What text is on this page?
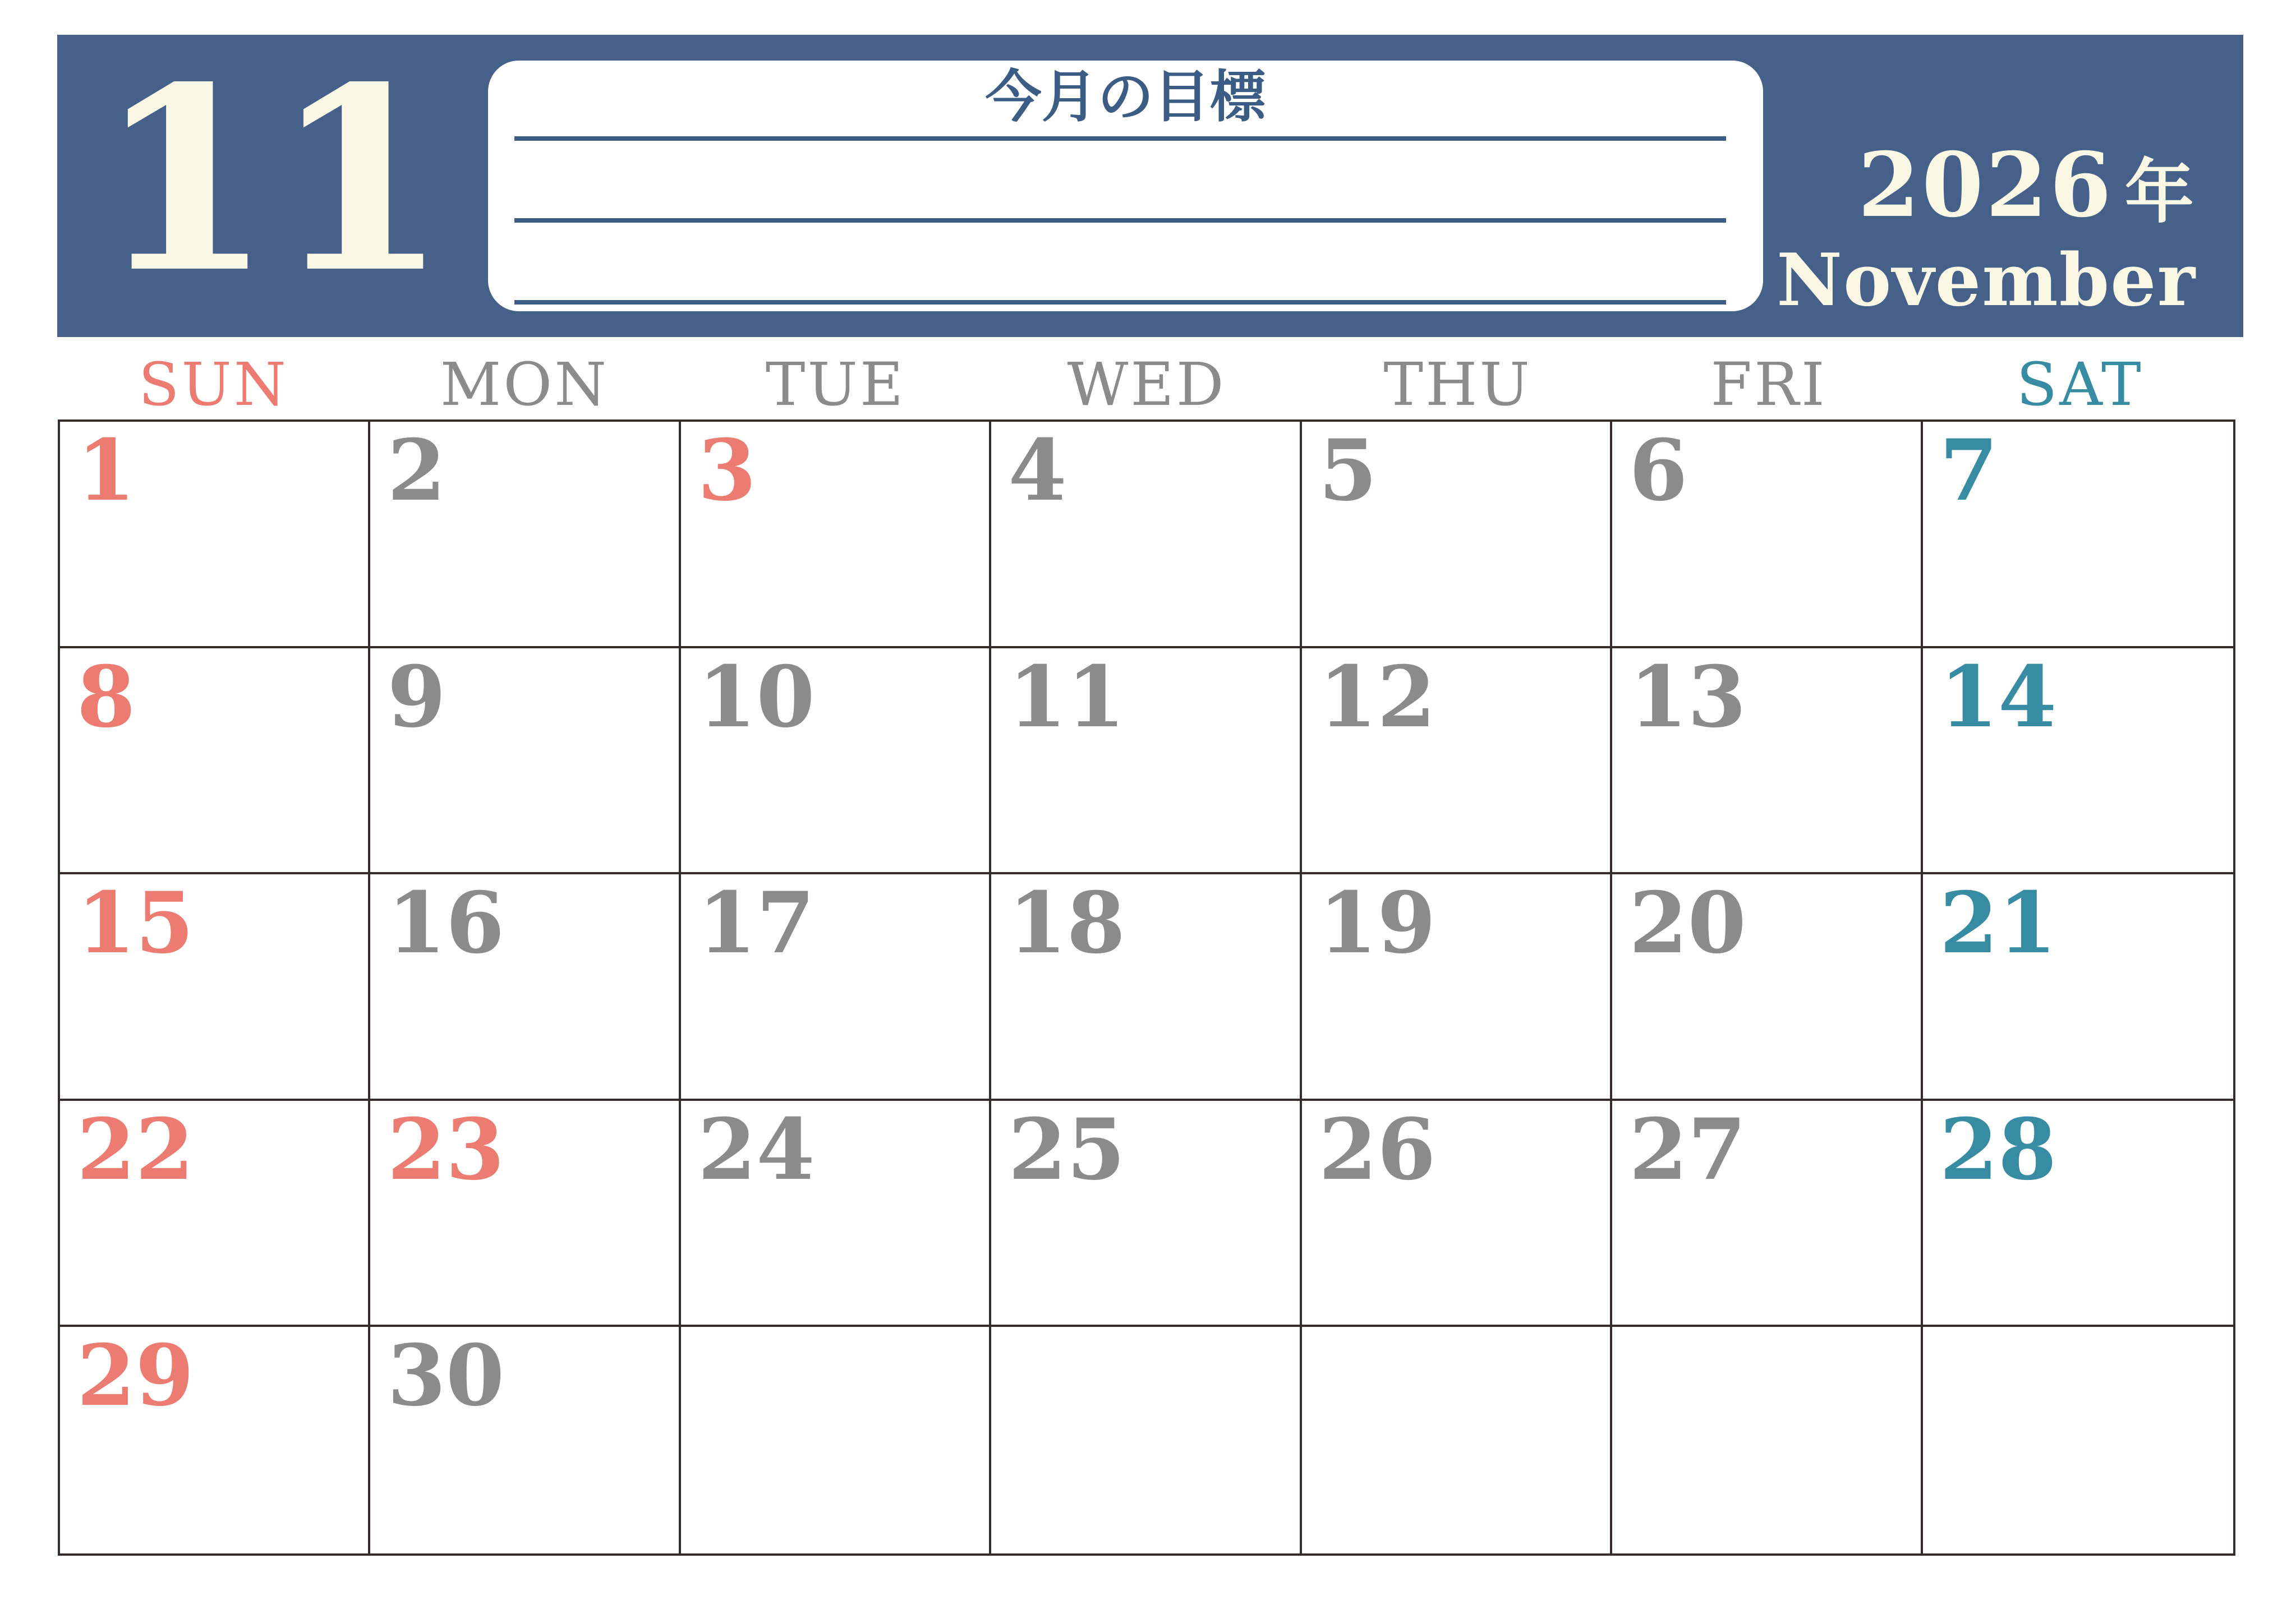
11	今月の目標
2026 年
November
SUN	MON	TUE	WED	THU	FRI	SAT
1	2	3	4	5	6	7
8	9	10	11	12	13	14
15	16	17	18	19	20	21
22	23	24	25	26	27	28
29	30
